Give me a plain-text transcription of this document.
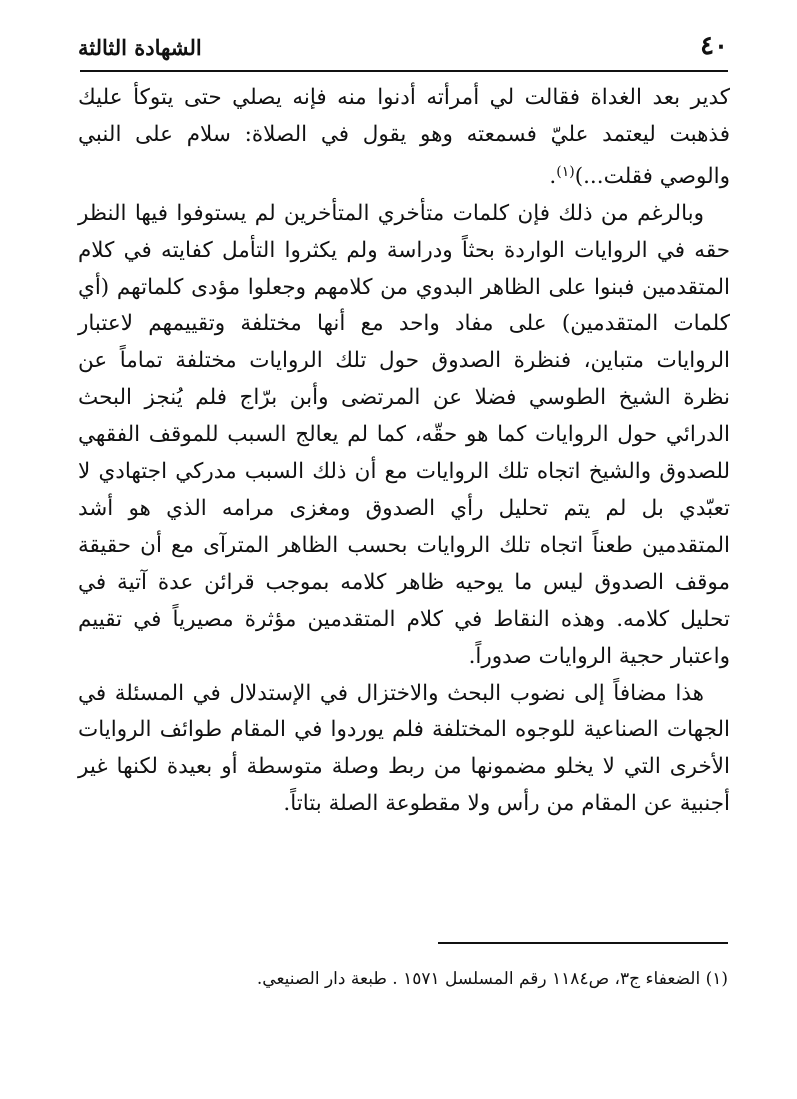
٤٠
الشهادة الثالثة

كدير بعد الغداة فقالت لي أمرأته أدنوا منه فإنه يصلي حتى يتوكأ عليك فذهبت ليعتمد عليّ فسمعته وهو يقول في الصلاة: سلام على النبي والوصي فقلت...)$^{(١)}$.

وبالرغم من ذلك فإن كلمات متأخري المتأخرين لم يستوفوا فيها النظر حقه في الروايات الواردة بحثاً ودراسة ولم يكثروا التأمل كفايته في كلام المتقدمين فبنوا على الظاهر البدوي من كلامهم وجعلوا مؤدى كلماتهم (أي كلمات المتقدمين) على مفاد واحد مع أنها مختلفة وتقييمهم لاعتبار الروايات متباين، فنظرة الصدوق حول تلك الروايات مختلفة تماماً عن نظرة الشيخ الطوسي فضلا عن المرتضى وأبن برّاج فلم يُنجز البحث الدرائي حول الروايات كما هو حقّه، كما لم يعالج السبب للموقف الفقهي للصدوق والشيخ اتجاه تلك الروايات مع أن ذلك السبب مدركي اجتهادي لا تعبّدي بل لم يتم تحليل رأي الصدوق ومغزى مرامه الذي هو أشد المتقدمين طعناً اتجاه تلك الروايات بحسب الظاهر المترآى مع أن حقيقة موقف الصدوق ليس ما يوحيه ظاهر كلامه بموجب قرائن عدة آتية في تحليل كلامه. وهذه النقاط في كلام المتقدمين مؤثرة مصيرياً في تقييم واعتبار حجية الروايات صدوراً.

هذا مضافاً إلى نضوب البحث والاختزال في الإستدلال في المسئلة في الجهات الصناعية للوجوه المختلفة فلم يوردوا في المقام طوائف الروايات الأخرى التي لا يخلو مضمونها من ربط وصلة متوسطة أو بعيدة لكنها غير أجنبية عن المقام من رأس ولا مقطوعة الصلة بتاتاً.

(١) الضعفاء ج٣، ص١١٨٤ رقم المسلسل ١٥٧١ . طبعة دار الصنيعي.
